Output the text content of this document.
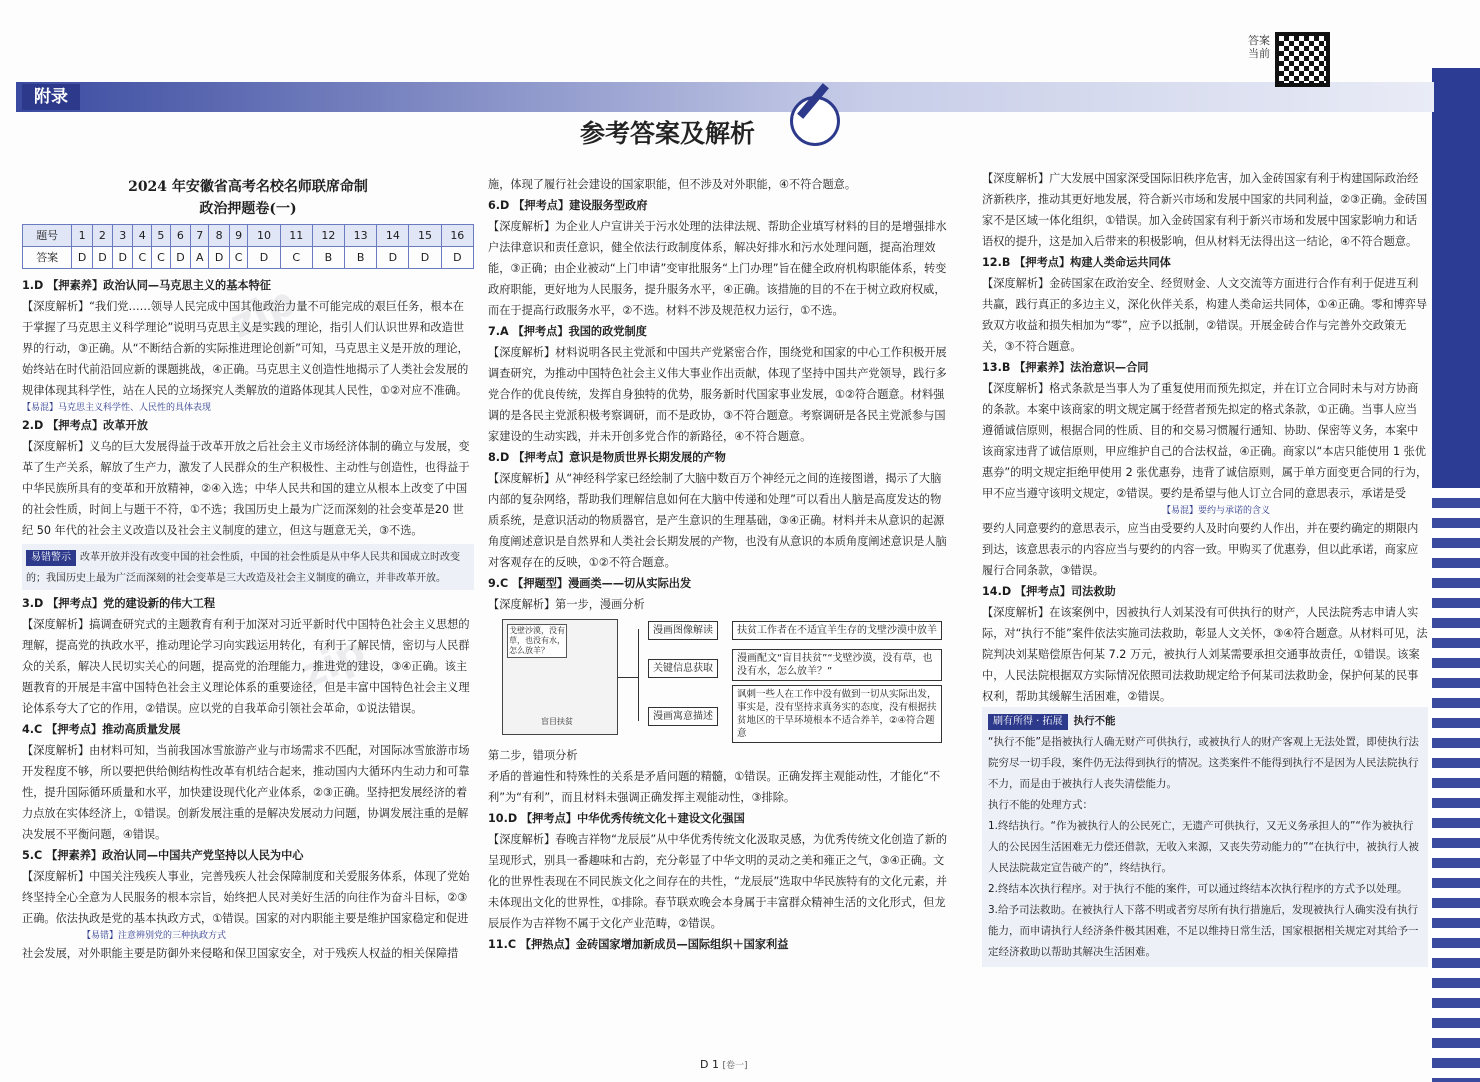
附录
参考答案及解析
答案当前
zip
zip

2024 年安徽省高考名校名师联席命制

政治押题卷(一)

题号	1	2	3	4	5	6	7	8	9	10	11	12	13	14	15	16
答案	D	D	D	C	C	D	A	D	C	D	C	B	B	D	D	D

1.D 【押素养】政治认同—马克思主义的基本特征

【深度解析】“我们党……领导人民完成中国其他政治力量不可能完成的艰巨任务，根本在于掌握了马克思主义科学理论”说明马克思主义是实践的理论，指引人们认识世界和改造世界的行动，③正确。从“不断结合新的实际推进理论创新”可知，马克思主义是开放的理论，始终站在时代前沿回应新的课题挑战，④正确。马克思主义创造性地揭示了人类社会发展的规律体现其科学性，站在人民的立场探究人类解放的道路体现其人民性，①②对应不准确。

【易混】马克思主义科学性、人民性的具体表现

2.D 【押考点】改革开放

【深度解析】义乌的巨大发展得益于改革开放之后社会主义市场经济体制的确立与发展，变革了生产关系，解放了生产力，激发了人民群众的生产积极性、主动性与创造性，也得益于中华民族所具有的变革和开放精神，②④入选；中华人民共和国的建立从根本上改变了中国的社会性质，时间上与题干不符，①不选；我国历史上最为广泛而深刻的社会变革是20 世纪 50 年代的社会主义改造以及社会主义制度的建立，但这与题意无关，③不选。

易错警示 改革开放并没有改变中国的社会性质，中国的社会性质是从中华人民共和国成立时改变的；我国历史上最为广泛而深刻的社会变革是三大改造及社会主义制度的确立，并非改革开放。

3.D 【押考点】党的建设新的伟大工程

【深度解析】搞调查研究式的主题教育有利于加深对习近平新时代中国特色社会主义思想的理解，提高党的执政水平，推动理论学习向实践运用转化，有利于了解民情，密切与人民群众的关系，解决人民切实关心的问题，提高党的治理能力，推进党的建设，③④正确。该主题教育的开展是丰富中国特色社会主义理论体系的重要途径，但是丰富中国特色社会主义理论体系夸大了它的作用，②错误。应以党的自我革命引领社会革命，①说法错误。

4.C 【押考点】推动高质量发展

【深度解析】由材料可知，当前我国冰雪旅游产业与市场需求不匹配，对国际冰雪旅游市场开发程度不够，所以要把供给侧结构性改革有机结合起来，推动国内大循环内生动力和可靠性，提升国际循环质量和水平，加快建设现代化产业体系，②③正确。坚持把发展经济的着力点放在实体经济上，①错误。创新发展注重的是解决发展动力问题，协调发展注重的是解决发展不平衡问题，④错误。

5.C 【押素养】政治认同—中国共产党坚持以人民为中心

【深度解析】中国关注残疾人事业，完善残疾人社会保障制度和关爱服务体系，体现了党始终坚持全心全意为人民服务的根本宗旨，始终把人民对美好生活的向往作为奋斗目标，②③正确。依法执政是党的基本执政方式，①错误。国家的对内职能主要是维护国家稳定和促进

【易错】注意辨别党的三种执政方式

社会发展，对外职能主要是防御外来侵略和保卫国家安全，对于残疾人权益的相关保障措

施，体现了履行社会建设的国家职能，但不涉及对外职能，④不符合题意。

6.D 【押考点】建设服务型政府

【深度解析】为企业人户宣讲关于污水处理的法律法规、帮助企业填写材料的目的是增强排水户法律意识和责任意识，健全依法行政制度体系，解决好排水和污水处理问题，提高治理效能，③正确；由企业被动“上门申请”变审批服务“上门办理”旨在健全政府机构职能体系，转变政府职能，更好地为人民服务，提升服务水平，④正确。该措施的目的不在于树立政府权威，而在于提高行政服务水平，②不选。材料不涉及规范权力运行，①不选。

7.A 【押考点】我国的政党制度

【深度解析】材料说明各民主党派和中国共产党紧密合作，围绕党和国家的中心工作积极开展调查研究，为推动中国特色社会主义伟大事业作出贡献，体现了坚持中国共产党领导，践行多党合作的优良传统，发挥自身独特的优势，服务新时代国家事业发展，①②符合题意。材料强调的是各民主党派积极考察调研，而不是政协，③不符合题意。考察调研是各民主党派参与国家建设的生动实践，并未开创多党合作的新路径，④不符合题意。

8.D 【押考点】意识是物质世界长期发展的产物

【深度解析】从“神经科学家已经绘制了大脑中数百万个神经元之间的连接图谱，揭示了大脑内部的复杂网络，帮助我们理解信息如何在大脑中传递和处理”可以看出人脑是高度发达的物质系统，是意识活动的物质器官，是产生意识的生理基础，③④正确。材料并未从意识的起源角度阐述意识是自然界和人类社会长期发展的产物，也没有从意识的本质角度阐述意识是人脑对客观存在的反映，①②不符合题意。

9.C 【押题型】漫画类——切从实际出发

【深度解析】第一步，漫画分析

戈壁沙漠，没有草，也没有水，怎么放羊？
盲目扶贫
漫画图像解读	扶贫工作者在不适宜羊生存的戈壁沙漠中放羊
关键信息获取
漫画配文“盲目扶贫”“戈壁沙漠，没有草，也没有水，怎么放羊？”
漫画寓意描述
讽刺一些人在工作中没有做到一切从实际出发，事实是，没有坚持求真务实的态度，没有根据扶贫地区的干旱环境根本不适合养羊，②④符合题意

第二步，错项分析

矛盾的普遍性和特殊性的关系是矛盾问题的精髓，①错误。正确发挥主观能动性，才能化“不利”为“有利”，而且材料未强调正确发挥主观能动性，③排除。

10.D 【押考点】中华优秀传统文化＋建设文化强国

【深度解析】春晚吉祥物“龙辰辰”从中华优秀传统文化汲取灵感，为优秀传统文化创造了新的呈现形式，别具一番趣味和古韵，充分彰显了中华文明的灵动之美和雍正之气，③④正确。文化的世界性表现在不同民族文化之间存在的共性，“龙辰辰”选取中华民族特有的文化元素，并未体现出文化的世界性，①排除。春节联欢晚会本身属于丰富群众精神生活的文化形式，但龙辰辰作为吉祥物不属于文化产业范畴，②错误。

11.C 【押热点】金砖国家增加新成员—国际组织＋国家利益

【深度解析】广大发展中国家深受国际旧秩序危害，加入金砖国家有利于构建国际政治经济新秩序，推动其更好地发展，符合新兴市场和发展中国家的共同利益，②③正确。金砖国家不是区域一体化组织，①错误。加入金砖国家有利于新兴市场和发展中国家影响力和话语权的提升，这是加入后带来的积极影响，但从材料无法得出这一结论，④不符合题意。

12.B 【押考点】构建人类命运共同体

【深度解析】金砖国家在政治安全、经贸财金、人文交流等方面进行合作有利于促进互利共赢，践行真正的多边主义，深化伙伴关系，构建人类命运共同体，①④正确。零和博弈导致双方收益和损失相加为“零”，应予以抵制，②错误。开展金砖合作与完善外交政策无关，③不符合题意。

13.B 【押素养】法治意识—合同

【深度解析】格式条款是当事人为了重复使用而预先拟定，并在订立合同时未与对方协商的条款。本案中该商家的明文规定属于经营者预先拟定的格式条款，①正确。当事人应当遵循诚信原则，根据合同的性质、目的和交易习惯履行通知、协助、保密等义务，本案中该商家违背了诚信原则，甲应维护自己的合法权益，④正确。商家以“本店只能使用 1 张优惠券”的明文规定拒绝甲使用 2 张优惠券，违背了诚信原则，属于单方面变更合同的行为，甲不应当遵守该明文规定，②错误。要约是希望与他人订立合同的意思表示，承诺是受

【易混】要约与承诺的含义

要约人同意要约的意思表示，应当由受要约人及时向要约人作出，并在要约确定的期限内到达，该意思表示的内容应当与要约的内容一致。甲购买了优惠券，但以此承诺，商家应履行合同条款，③错误。

14.D 【押考点】司法救助

【深度解析】在该案例中，因被执行人刘某没有可供执行的财产，人民法院秀志申请人实际，对“执行不能”案件依法实施司法救助，彰显人文关怀，③④符合题意。从材料可见，法院判决刘某赔偿原告何某 7.2 万元，被执行人刘某需要承担交通事故责任，①错误。该案中，人民法院根据双方实际情况依照司法救助规定给予何某司法救助金，保护何某的民事权利，帮助其缓解生活困难，②错误。

刷有所得 · 拓展 执行不能

“执行不能”是指被执行人确无财产可供执行，或被执行人的财产客观上无法处置，即使执行法院穷尽一切手段，案件仍无法得到执行的情况。这类案件不能得到执行不是因为人民法院执行不力，而是由于被执行人丧失清偿能力。

执行不能的处理方式：

1.终结执行。“作为被执行人的公民死亡，无遗产可供执行，又无义务承担人的”“作为被执行人的公民因生活困难无力偿还借款，无收入来源，又丧失劳动能力的”“在执行中，被执行人被人民法院裁定宣告破产的”，终结执行。

2.终结本次执行程序。对于执行不能的案件，可以通过终结本次执行程序的方式予以处理。

3.给予司法救助。在被执行人下落不明或者穷尽所有执行措施后，发现被执行人确实没有执行能力，而申请执行人经济条件极其困难，不足以维持日常生活，国家根据相关规定对其给予一定经济救助以帮助其解决生活困难。

D 1 [卷一]
